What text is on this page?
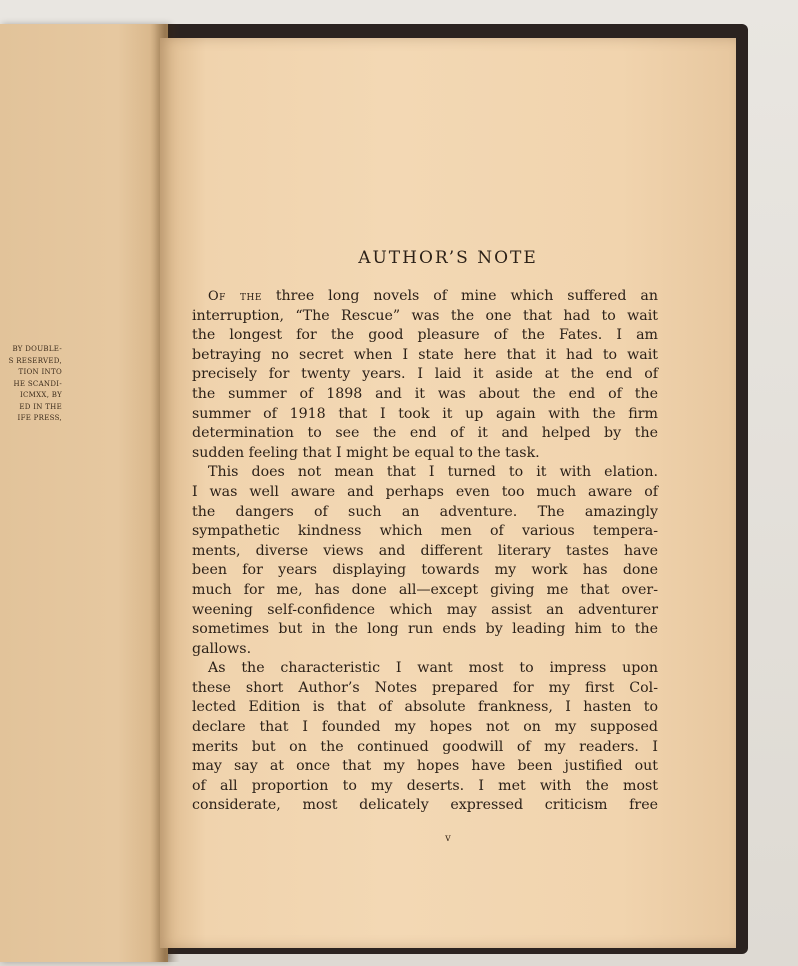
BY DOUBLE-
S RESERVED,
TION INTO
HE SCANDI-
ICMXX, BY
ED IN THE
IFE PRESS,
AUTHOR’S NOTE

Of the three long novels of mine which suffered an
interruption, “The Rescue” was the one that had to wait
the longest for the good pleasure of the Fates. I am
betraying no secret when I state here that it had to wait
precisely for twenty years. I laid it aside at the end of
the summer of 1898 and it was about the end of the
summer of 1918 that I took it up again with the firm
determination to see the end of it and helped by the
sudden feeling that I might be equal to the task.

This does not mean that I turned to it with elation.
I was well aware and perhaps even too much aware of
the dangers of such an adventure. The amazingly
sympathetic kindness which men of various tempera-
ments, diverse views and different literary tastes have
been for years displaying towards my work has done
much for me, has done all—except giving me that over-
weening self-confidence which may assist an adventurer
sometimes but in the long run ends by leading him to the
gallows.

As the characteristic I want most to impress upon
these short Author’s Notes prepared for my first Col-
lected Edition is that of absolute frankness, I hasten to
declare that I founded my hopes not on my supposed
merits but on the continued goodwill of my readers. I
may say at once that my hopes have been justified out
of all proportion to my deserts. I met with the most
considerate, most delicately expressed criticism free

v
